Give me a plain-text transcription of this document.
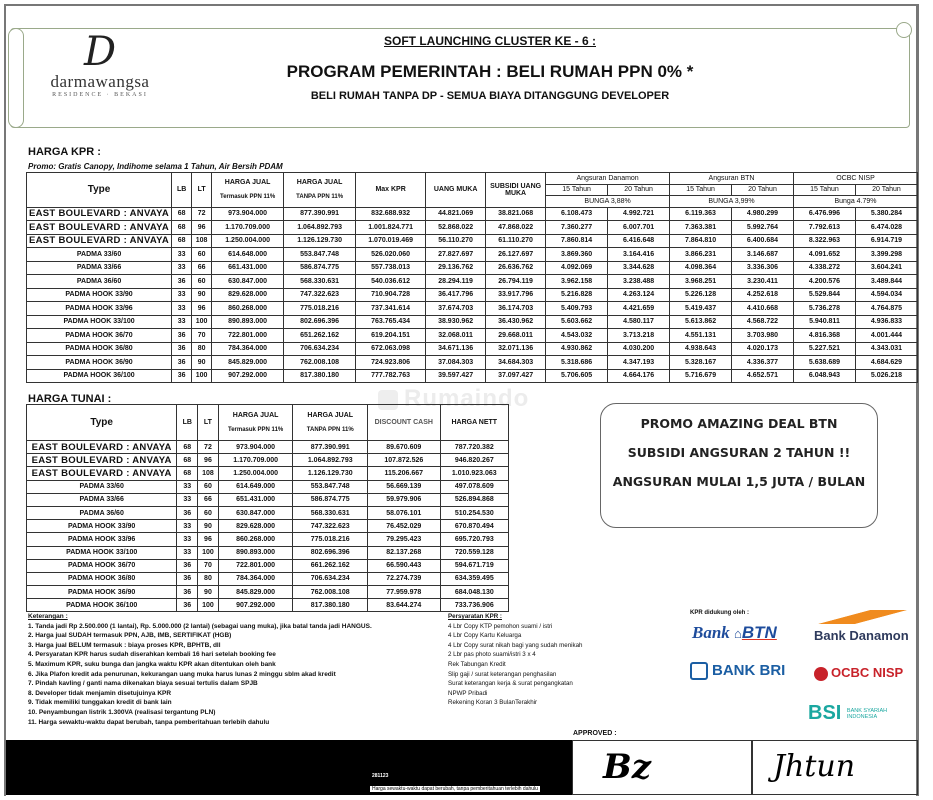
D
darmawangsa
RESIDENCE · BEKASI
SOFT LAUNCHING CLUSTER KE - 6 :
PROGRAM PEMERINTAH : BELI RUMAH PPN 0% *
BELI RUMAH TANPA DP - SEMUA BIAYA DITANGGUNG DEVELOPER
HARGA KPR :
Promo: Gratis Canopy, Indihome selama 1 Tahun, Air Bersih PDAM
Type	LB	LT	
HARGA JUAL
Termasuk PPN 11%

HARGA JUAL
TANPA PPN 11%
	Max KPR	UANG MUKA	SUBSIDI UANG MUKA	Angsuran Danamon	Angsuran BTN	OCBC NISP
								15 Tahun	20 Tahun	15 Tahun	20 Tahun	15 Tahun	20 Tahun
								BUNGA 3,88%		BUNGA 3,99%		Bunga 4.79%	
EAST BOULEVARD : ANVAYA	68	72	973.904.000	877.390.991	832.688.932	44.821.069	38.821.068	6.108.473	4.992.721	6.119.363	4.980.299	6.476.996	5.380.284
EAST BOULEVARD : ANVAYA	68	96	1.170.709.000	1.064.892.793	1.001.824.771	52.868.022	47.868.022	7.360.277	6.007.701	7.363.381	5.992.764	7.792.613	6.474.028
EAST BOULEVARD : ANVAYA	68	108	1.250.004.000	1.126.129.730	1.070.019.469	56.110.270	61.110.270	7.860.814	6.416.648	7.864.810	6.400.684	8.322.963	6.914.719
PADMA 33/60	33	60	614.648.000	553.847.748	526.020.060	27.827.697	26.127.697	3.869.360	3.164.416	3.866.231	3.146.687	4.091.652	3.399.298
PADMA 33/66	33	66	661.431.000	586.874.775	557.738.013	29.136.762	26.636.762	4.092.069	3.344.628	4.098.364	3.336.306	4.338.272	3.604.241
PADMA 36/60	36	60	630.847.000	568.330.631	540.036.612	28.294.119	26.794.119	3.962.158	3.238.488	3.968.251	3.230.411	4.200.576	3.489.844
PADMA HOOK 33/90	33	90	829.628.000	747.322.623	710.904.728	36.417.796	33.917.796	5.216.828	4.263.124	5.226.128	4.252.618	5.529.844	4.594.034
PADMA HOOK 33/96	33	96	860.268.000	775.018.216	737.341.614	37.674.703	36.174.703	5.409.793	4.421.659	5.419.437	4.410.668	5.736.278	4.764.875
PADMA HOOK 33/100	33	100	890.893.000	802.696.396	763.765.434	38.930.962	36.430.962	5.603.662	4.580.117	5.613.862	4.568.722	5.940.811	4.936.833
PADMA HOOK 36/70	36	70	722.801.000	651.262.162	619.204.151	32.068.011	29.668.011	4.543.032	3.713.218	4.551.131	3.703.980	4.816.368	4.001.444
PADMA HOOK 36/80	36	80	784.364.000	706.634.234	672.063.098	34.671.136	32.071.136	4.930.862	4.030.200	4.938.643	4.020.173	5.227.521	4.343.031
PADMA HOOK 36/90	36	90	845.829.000	762.008.108	724.923.806	37.084.303	34.684.303	5.318.686	4.347.193	5.328.167	4.336.377	5.638.689	4.684.629
PADMA HOOK 36/100	36	100	907.292.000	817.380.180	777.782.763	39.597.427	37.097.427	5.706.605	4.664.176	5.716.679	4.652.571	6.048.943	5.026.218
Rumaindo
HARGA TUNAI :
Type	LB	LT	
HARGA JUAL
Termasuk PPN 11%

HARGA JUAL
TANPA PPN 11%
	DISCOUNT CASH	HARGA NETT
EAST BOULEVARD : ANVAYA	68	72	973.904.000	877.390.991	89.670.609	787.720.382
EAST BOULEVARD : ANVAYA	68	96	1.170.709.000	1.064.892.793	107.872.526	946.820.267
EAST BOULEVARD : ANVAYA	68	108	1.250.004.000	1.126.129.730	115.206.667	1.010.923.063
PADMA 33/60	33	60	614.649.000	553.847.748	56.669.139	497.078.609
PADMA 33/66	33	66	651.431.000	586.874.775	59.979.906	526.894.868
PADMA 36/60	36	60	630.847.000	568.330.631	58.076.101	510.254.530
PADMA HOOK 33/90	33	90	829.628.000	747.322.623	76.452.029	670.870.494
PADMA HOOK 33/96	33	96	860.268.000	775.018.216	79.295.423	695.720.793
PADMA HOOK 33/100	33	100	890.893.000	802.696.396	82.137.268	720.559.128
PADMA HOOK 36/70	36	70	722.801.000	661.262.162	66.590.443	594.671.719
PADMA HOOK 36/80	36	80	784.364.000	706.634.234	72.274.739	634.359.495
PADMA HOOK 36/90	36	90	845.829.000	762.008.108	77.959.978	684.048.130
PADMA HOOK 36/100	36	100	907.292.000	817.380.180	83.644.274	733.736.906
PROMO AMAZING DEAL BTN
SUBSIDI ANGSURAN 2 TAHUN !!
ANGSURAN MULAI 1,5 JUTA / BULAN
Keterangan :
1. Tanda jadi Rp 2.500.000 (1 lantai), Rp. 5.000.000 (2 lantai) (sebagai uang muka), jika batal tanda jadi HANGUS.
2. Harga jual SUDAH termasuk PPN, AJB, IMB, SERTIFIKAT (HGB)
3. Harga jual BELUM termasuk : biaya proses KPR, BPHTB, dll
4. Persyaratan KPR harus sudah diserahkan kembali 16 hari setelah booking fee
5. Maximum KPR, suku bunga dan jangka waktu KPR akan ditentukan oleh bank
6. Jika Plafon kredit ada penurunan, kekurangan uang muka harus lunas 2 minggu sblm akad kredit
7. Pindah kavling / ganti nama dikenakan biaya sesuai tertulis dalam SPJB
8. Developer tidak menjamin disetujuinya KPR
9. Tidak memiliki tunggakan kredit di bank lain
10. Penyambungan listrik 1.300VA (realisasi tergantung PLN)
11. Harga sewaktu-waktu dapat berubah, tanpa pemberitahuan terlebih dahulu
Persyaratan KPR :
4 Lbr Copy KTP pemohon suami / istri
4 Lbr Copy Kartu Keluarga
4 Lbr Copy surat nikah bagi yang sudah menikah
2 Lbr pas photo suami/istri 3 x 4
Rek Tabungan Kredit
Slip gaji / surat keterangan penghasilan
Surat keterangan kerja & surat pengangkatan
NPWP Pribadi
Rekening Koran 3 BulanTerakhir
KPR didukung oleh :
Bank ⌂BTN	Bank Danamon
BANK BRI	OCBC NISP
BSI BANK SYARIAH
INDONESIA
APPROVED :
281123
Harga sewaktu-waktu dapat berubah, tanpa pemberitahuan terlebih dahulu
Bz	Jhtun
